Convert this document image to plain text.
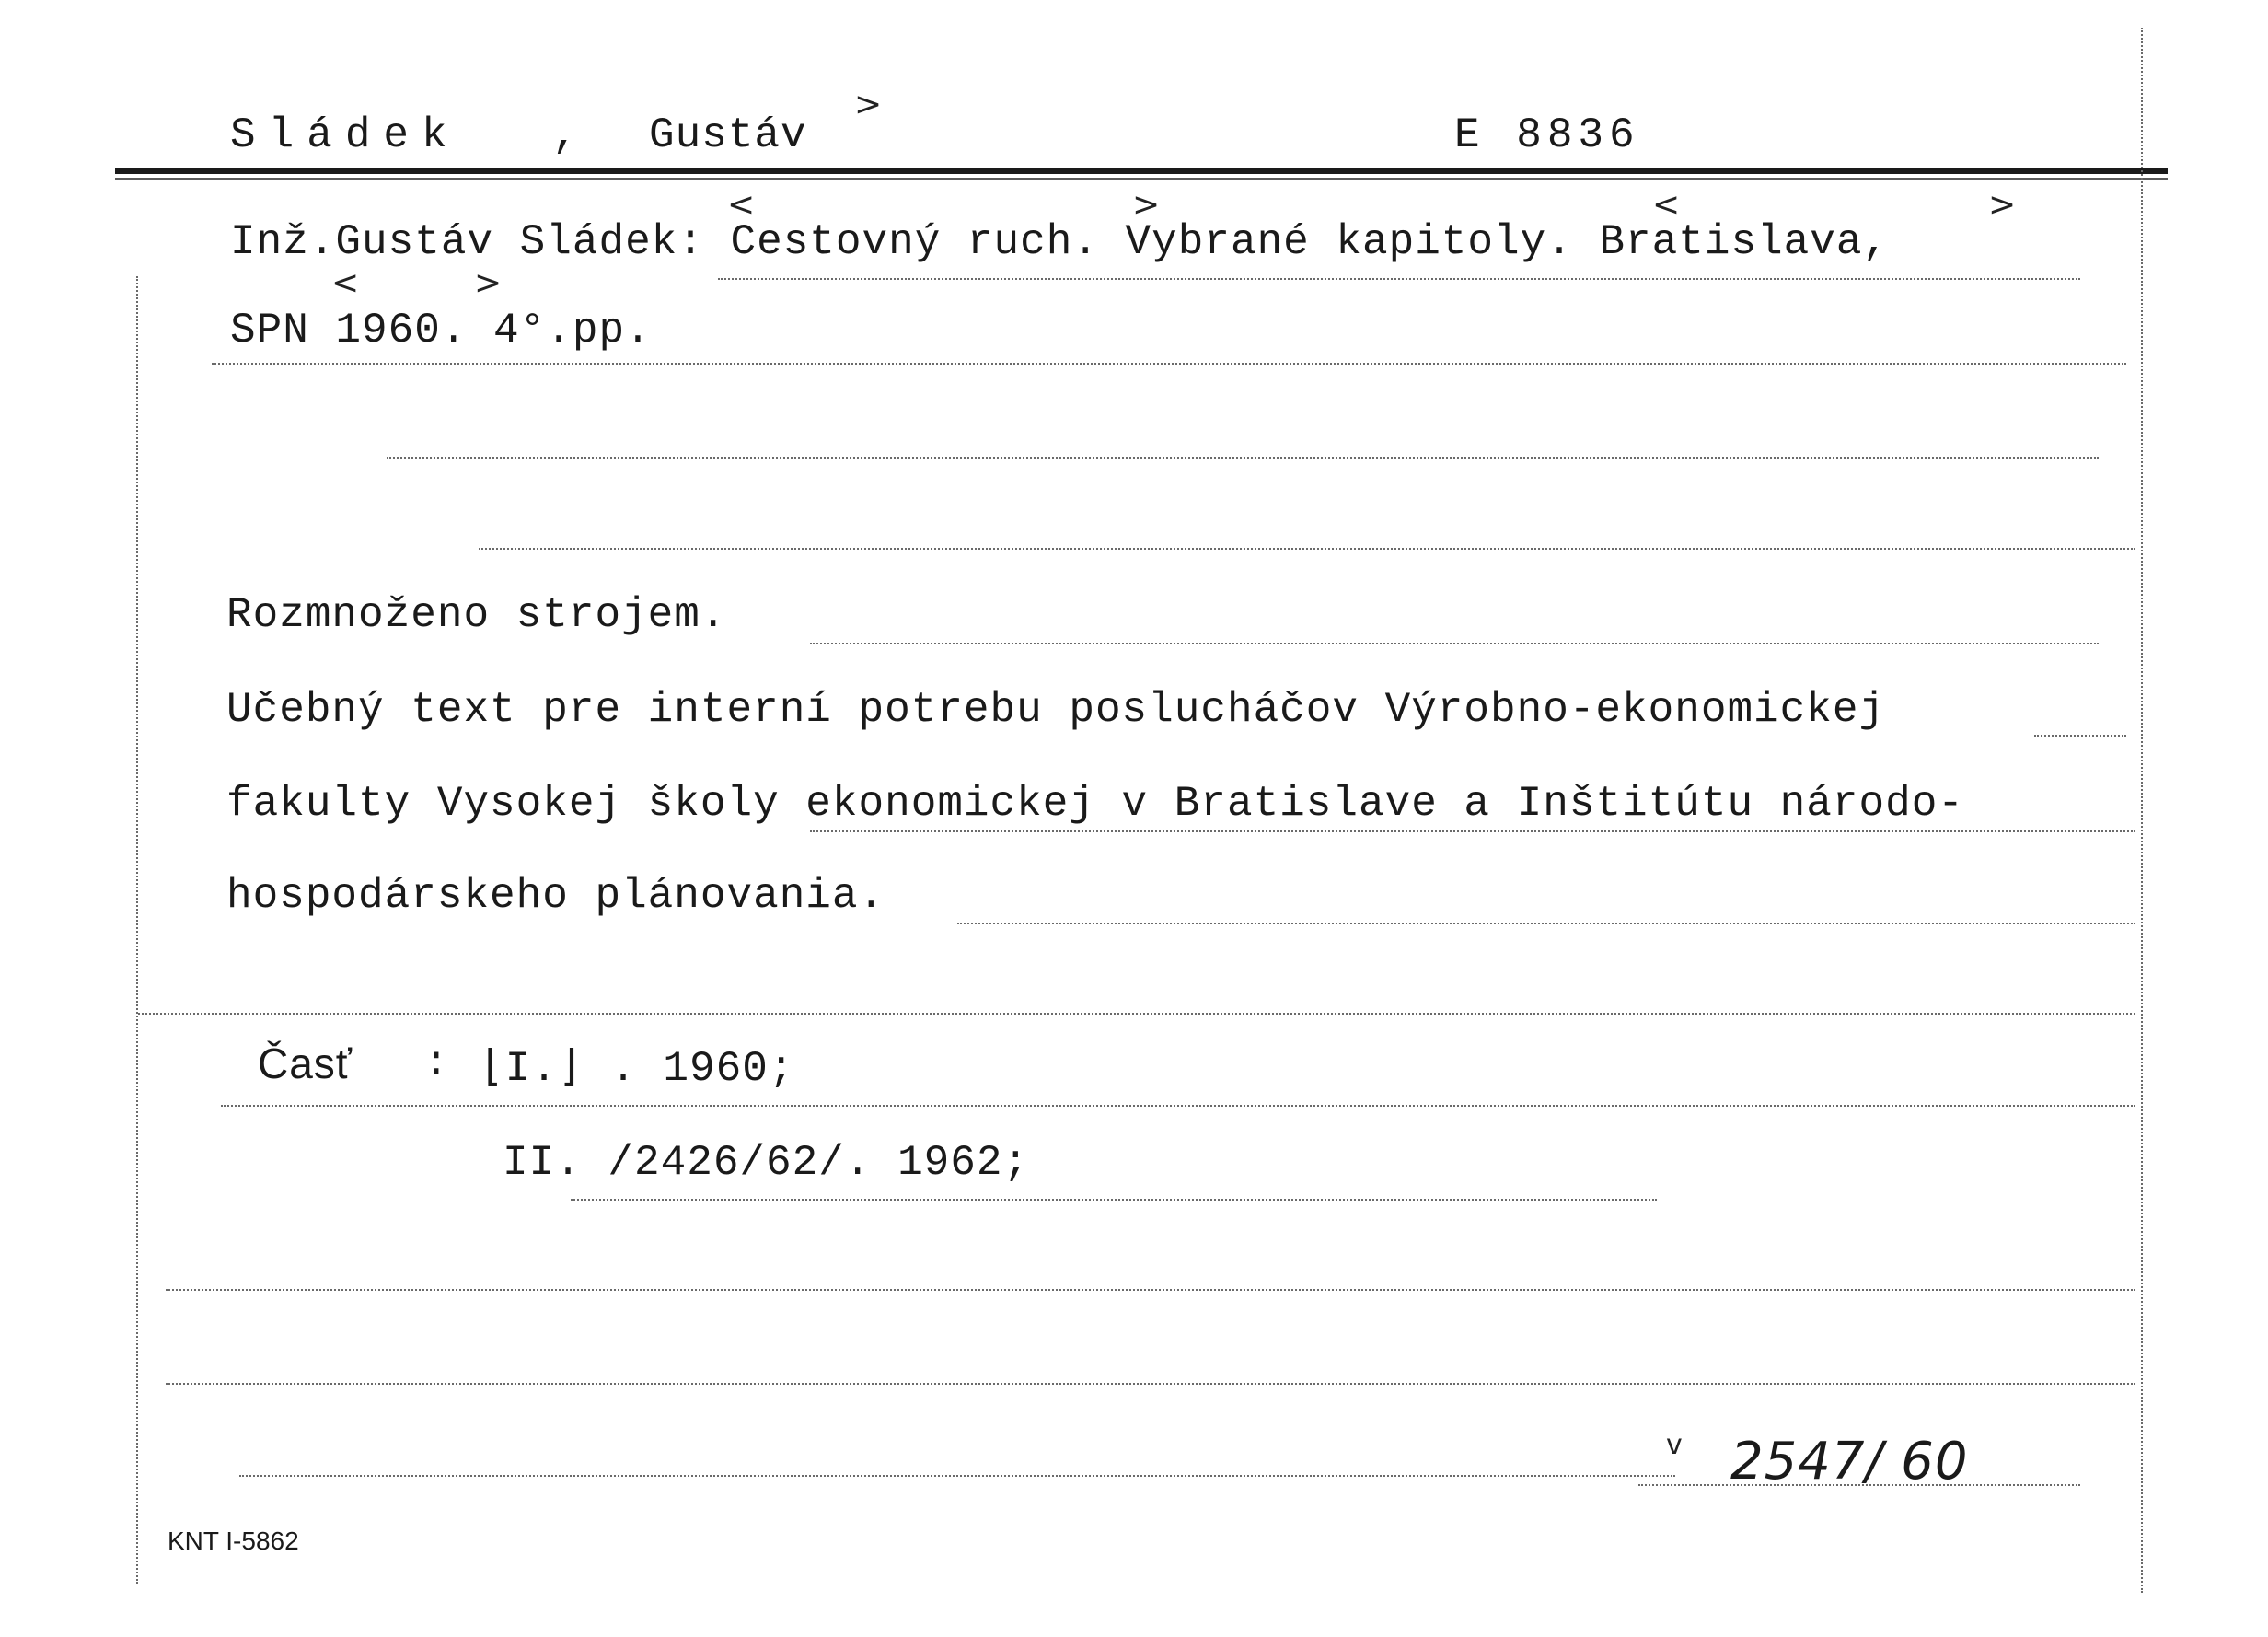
Sládek , Gustáv
>
E 8836
Inž.Gustáv Sládek: Cestovný ruch. Vybrané kapitoly. Bratislava,
<	>	<	>
SPN 1960. 4°.pp.
<	>
Rozmnoženo strojem.
Učebný text pre interní potrebu poslucháčov Výrobno-ekonomickej
fakulty Vysokej školy ekonomickej v Bratislave a Inštitútu národo-
hospodárskeho plánovania.
Časť : ⌊I.⌋ . 1960;
II. /2426/62/. 1962;
v 2547/ 60
KNT I-5862
